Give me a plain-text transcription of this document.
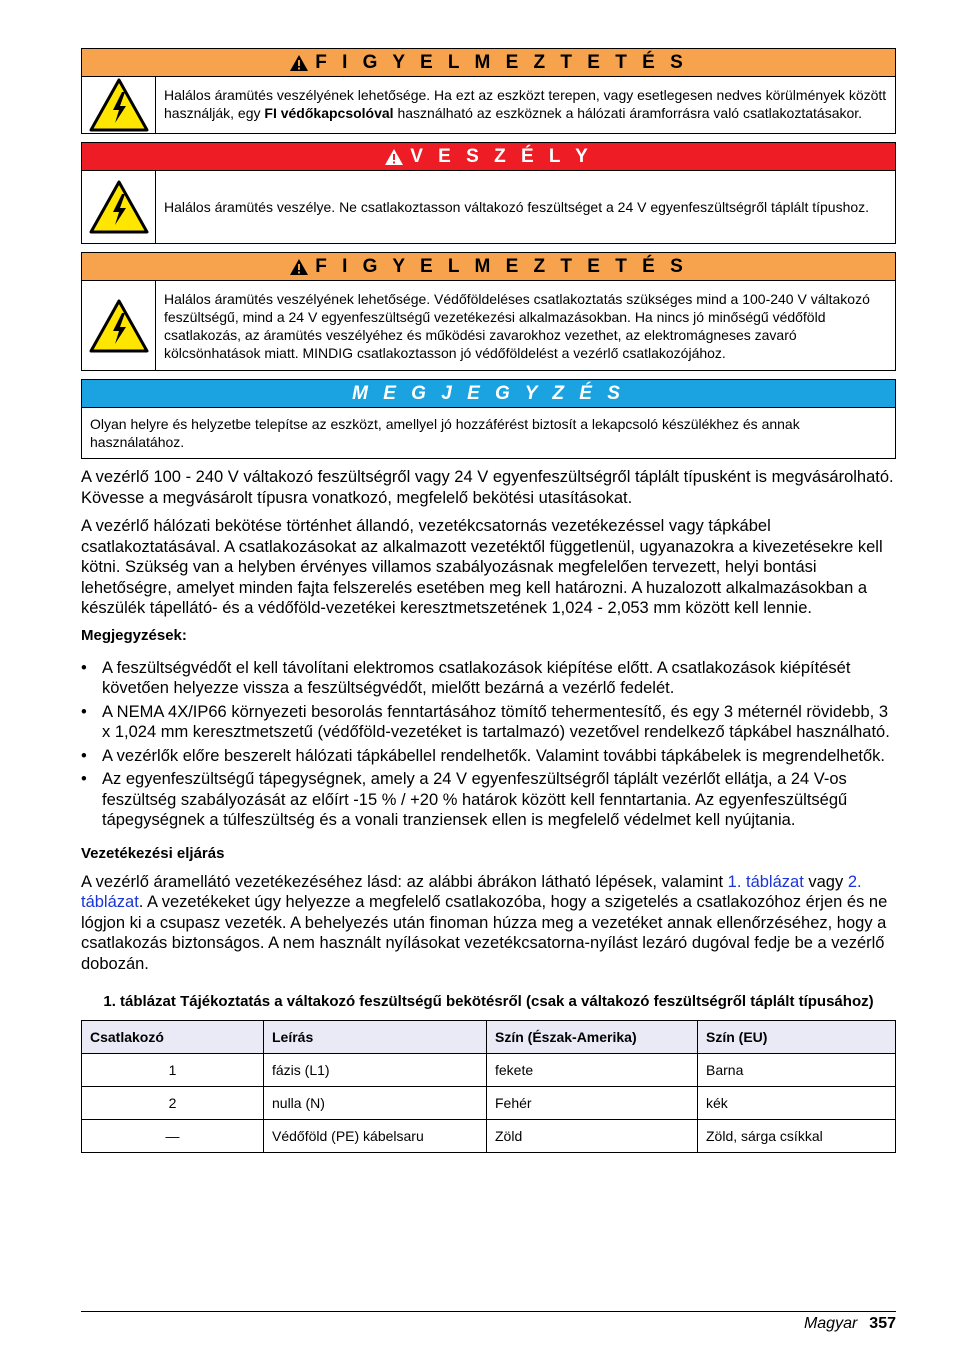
F I G Y E L M E Z T E T É S
Halálos áramütés veszélyének lehetősége. Ha ezt az eszközt terepen, vagy esetlegesen nedves körülmények között használják, egy FI védőkapcsolóval használható az eszköznek a hálózati áramforrásra való csatlakoztatásakor.
V E S Z É L Y
Halálos áramütés veszélye. Ne csatlakoztasson váltakozó feszültséget a 24 V egyenfeszültségről táplált típushoz.
F I G Y E L M E Z T E T É S
Halálos áramütés veszélyének lehetősége. Védőföldeléses csatlakoztatás szükséges mind a 100-240 V váltakozó feszültségű, mind a 24 V egyenfeszültségű vezetékezési alkalmazásokban. Ha nincs jó minőségű védőföld csatlakozás, az áramütés veszélyéhez és működési zavarokhoz vezethet, az elektromágneses zavaró kölcsönhatások miatt. MINDIG csatlakoztasson jó védőföldelést a vezérlő csatlakozójához.
M E G J E G Y Z É S
Olyan helyre és helyzetbe telepítse az eszközt, amellyel jó hozzáférést biztosít a lekapcsoló készülékhez és annak használatához.

A vezérlő 100 - 240 V váltakozó feszültségről vagy 24 V egyenfeszültségről táplált típusként is megvásárolható. Kövesse a megvásárolt típusra vonatkozó, megfelelő bekötési utasításokat.

A vezérlő hálózati bekötése történhet állandó, vezetékcsatornás vezetékezéssel vagy tápkábel csatlakoztatásával. A csatlakozásokat az alkalmazott vezetéktől függetlenül, ugyanazokra a kivezetésekre kell kötni. Szükség van a helyben érvényes villamos szabályozásnak megfelelően tervezett, helyi bontási lehetőségre, amelyet minden fajta felszerelés esetében meg kell határozni. A huzalozott alkalmazásokban a készülék tápellátó- és a védőföld-vezetékei keresztmetszetének 1,024 - 2,053 mm között kell lennie.

Megjegyzések:
• A feszültségvédőt el kell távolítani elektromos csatlakozások kiépítése előtt. A csatlakozások kiépítését követően helyezze vissza a feszültségvédőt, mielőtt bezárná a vezérlő fedelét.
• A NEMA 4X/IP66 környezeti besorolás fenntartásához tömítő tehermentesítő, és egy 3 méternél rövidebb, 3 x 1,024 mm keresztmetszetű (védőföld-vezetéket is tartalmazó) vezetővel rendelkező tápkábel használható.
• A vezérlők előre beszerelt hálózati tápkábellel rendelhetők. Valamint további tápkábelek is megrendelhetők.
• Az egyenfeszültségű tápegységnek, amely a 24 V egyenfeszültségről táplált vezérlőt ellátja, a 24 V-os feszültség szabályozását az előírt -15 % / +20 % határok között kell fenntartania. Az egyenfeszültségű tápegységnek a túlfeszültség és a vonali tranziensek ellen is megfelelő védelmet kell nyújtania.
Vezetékezési eljárás

A vezérlő áramellátó vezetékezéséhez lásd: az alábbi ábrákon látható lépések, valamint 1. táblázat vagy 2. táblázat. A vezetékeket úgy helyezze a megfelelő csatlakozóba, hogy a szigetelés a csatlakozóhoz érjen és ne lógjon ki a csupasz vezeték. A behelyezés után finoman húzza meg a vezetéket annak ellenőrzéséhez, hogy a csatlakozás biztonságos. A nem használt nyílásokat vezetékcsatorna-nyílást lezáró dugóval fedje be a vezérlő dobozán.

1. táblázat Tájékoztatás a váltakozó feszültségű bekötésről (csak a váltakozó feszültségről táplált típusához)
Csatlakozó	Leírás	Szín (Észak-Amerika)	Szín (EU)
1	fázis (L1)	fekete	Barna
2	nulla (N)	Fehér	kék
—	Védőföld (PE) kábelsaru	Zöld	Zöld, sárga csíkkal
Magyar 357
